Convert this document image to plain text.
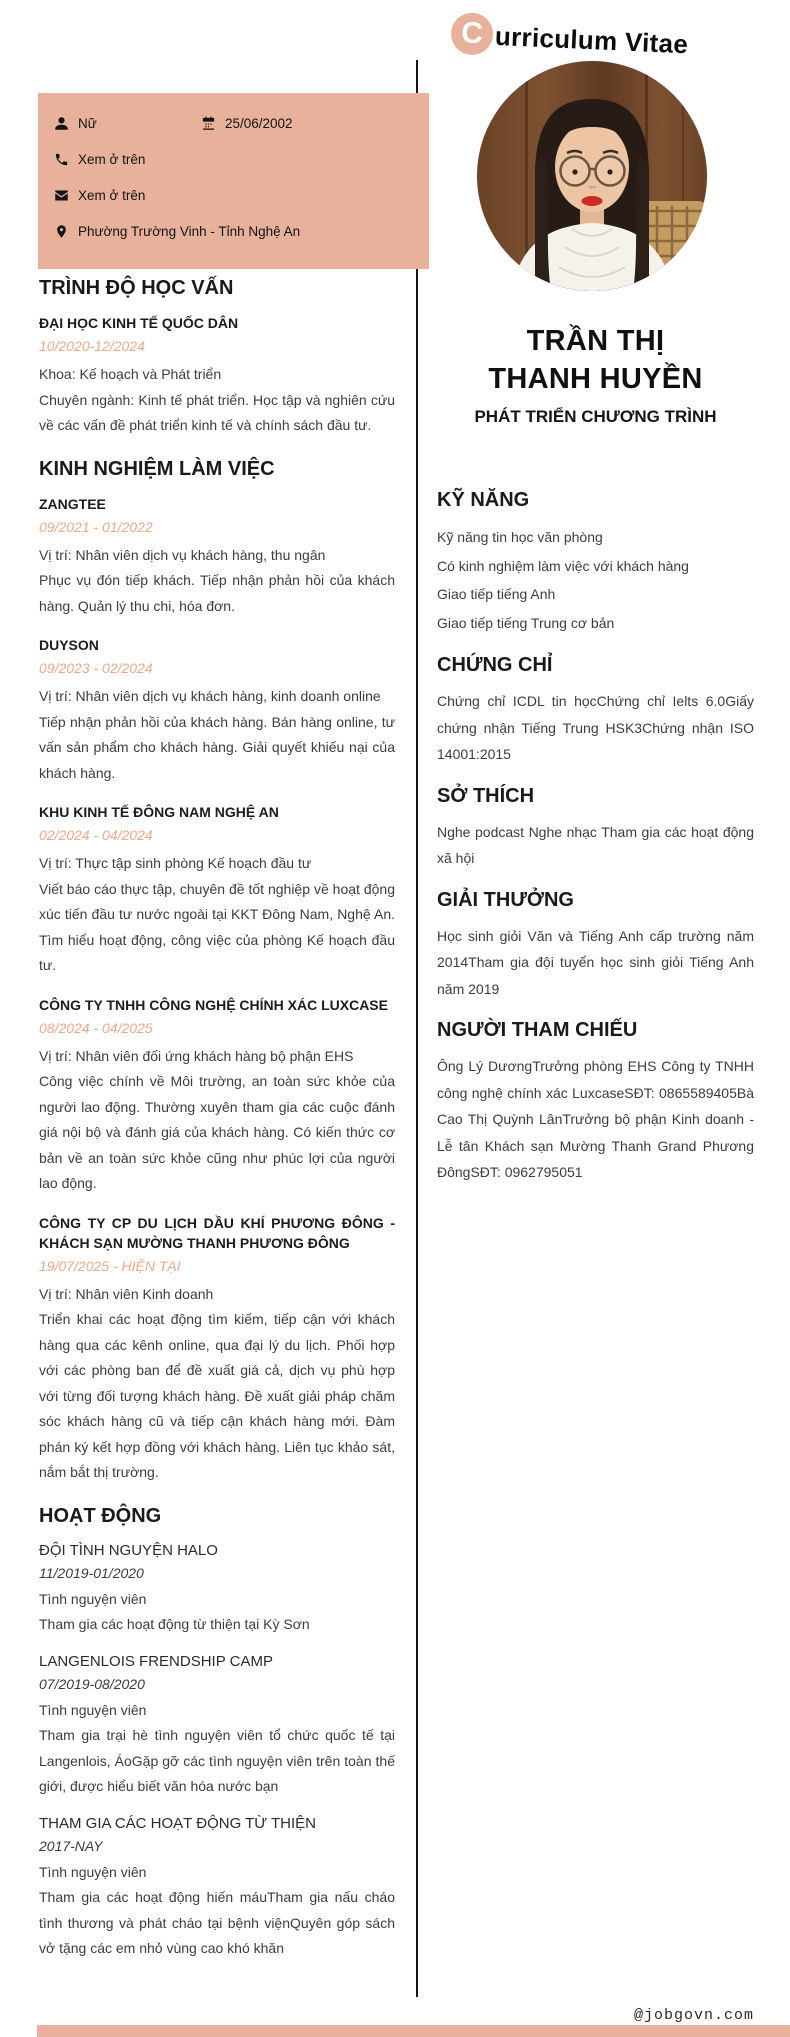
C urriculum Vitae
Nữ	25/06/2002
Xem ở trên
Xem ở trên
Phường Trường Vinh - Tỉnh Nghệ An
TRẦN THỊ
THANH HUYỀN
PHÁT TRIỂN CHƯƠNG TRÌNH
KỸ NĂNG
Kỹ năng tin học văn phòng
Có kinh nghiệm làm việc với khách hàng
Giao tiếp tiếng Anh
Giao tiếp tiếng Trung cơ bản
CHỨNG CHỈ
Chứng chỉ ICDL tin họcChứng chỉ Ielts 6.0Giấy chứng nhận Tiếng Trung HSK3Chứng nhận ISO 14001:2015
SỞ THÍCH
Nghe podcast Nghe nhạc Tham gia các hoạt động xã hội
GIẢI THƯỞNG
Học sinh giỏi Văn và Tiếng Anh cấp trường năm 2014Tham gia đội tuyển học sinh giỏi Tiếng Anh năm 2019
NGƯỜI THAM CHIẾU
Ông Lý DươngTrưởng phòng EHS Công ty TNHH công nghệ chính xác LuxcaseSĐT: 0865589405Bà Cao Thị Quỳnh LânTrưởng bộ phận Kinh doanh - Lễ tân Khách sạn Mường Thanh Grand Phương ĐôngSĐT: 0962795051
TRÌNH ĐỘ HỌC VẤN
ĐẠI HỌC KINH TẾ QUỐC DÂN
10/2020-12/2024
Khoa: Kế hoạch và Phát triển
Chuyên ngành: Kinh tế phát triển. Học tập và nghiên cứu về các vấn đề phát triển kinh tế và chính sách đầu tư.
KINH NGHIỆM LÀM VIỆC
ZANGTEE
09/2021 - 01/2022
Vị trí: Nhân viên dịch vụ khách hàng, thu ngân
Phục vụ đón tiếp khách. Tiếp nhận phản hồi của khách hàng. Quản lý thu chi, hóa đơn.
DUYSON
09/2023 - 02/2024
Vị trí: Nhân viên dịch vụ khách hàng, kinh doanh online
Tiếp nhận phản hồi của khách hàng. Bán hàng online, tư vấn sản phẩm cho khách hàng. Giải quyết khiếu nại của khách hàng.
KHU KINH TẾ ĐÔNG NAM NGHỆ AN
02/2024 - 04/2024
Vị trí: Thực tập sinh phòng Kế hoạch đầu tư
Viết báo cáo thực tập, chuyên đề tốt nghiệp về hoạt động xúc tiến đầu tư nước ngoài tại KKT Đông Nam, Nghệ An. Tìm hiểu hoạt động, công việc của phòng Kế hoạch đầu tư.
CÔNG TY TNHH CÔNG NGHỆ CHÍNH XÁC LUXCASE
08/2024 - 04/2025
Vị trí: Nhân viên đối ứng khách hàng bộ phận EHS
Công việc chính về Môi trường, an toàn sức khỏe của người lao động. Thường xuyên tham gia các cuộc đánh giá nội bộ và đánh giá của khách hàng. Có kiến thức cơ bản về an toàn sức khỏe cũng như phúc lợi của người lao động.
CÔNG TY CP DU LỊCH DẦU KHÍ PHƯƠNG ĐÔNG - KHÁCH SẠN MƯỜNG THANH PHƯƠNG ĐÔNG
19/07/2025 - HIỆN TẠI
Vị trí: Nhân viên Kinh doanh
Triển khai các hoạt động tìm kiếm, tiếp cận với khách hàng qua các kênh online, qua đại lý du lịch. Phối hợp với các phòng ban để đề xuất giá cả, dịch vụ phù hợp với từng đối tượng khách hàng. Đề xuất giải pháp chăm sóc khách hàng cũ và tiếp cận khách hàng mới. Đàm phán ký kết hợp đồng với khách hàng. Liên tục khảo sát, nắm bắt thị trường.
HOẠT ĐỘNG
ĐỘI TÌNH NGUYỆN HALO
11/2019-01/2020
Tình nguyện viên
Tham gia các hoạt động từ thiện tại Kỳ Sơn
LANGENLOIS FRENDSHIP CAMP
07/2019-08/2020
Tình nguyện viên
Tham gia trại hè tình nguyện viên tổ chức quốc tế tại Langenlois, ÁoGặp gỡ các tình nguyện viên trên toàn thế giới, được hiểu biết văn hóa nước bạn
THAM GIA CÁC HOẠT ĐỘNG TỪ THIỆN
2017-NAY
Tình nguyện viên
Tham gia các hoạt động hiến máuTham gia nấu cháo tình thương và phát cháo tại bệnh việnQuyên góp sách vở tặng các em nhỏ vùng cao khó khăn
@jobgovn.com
